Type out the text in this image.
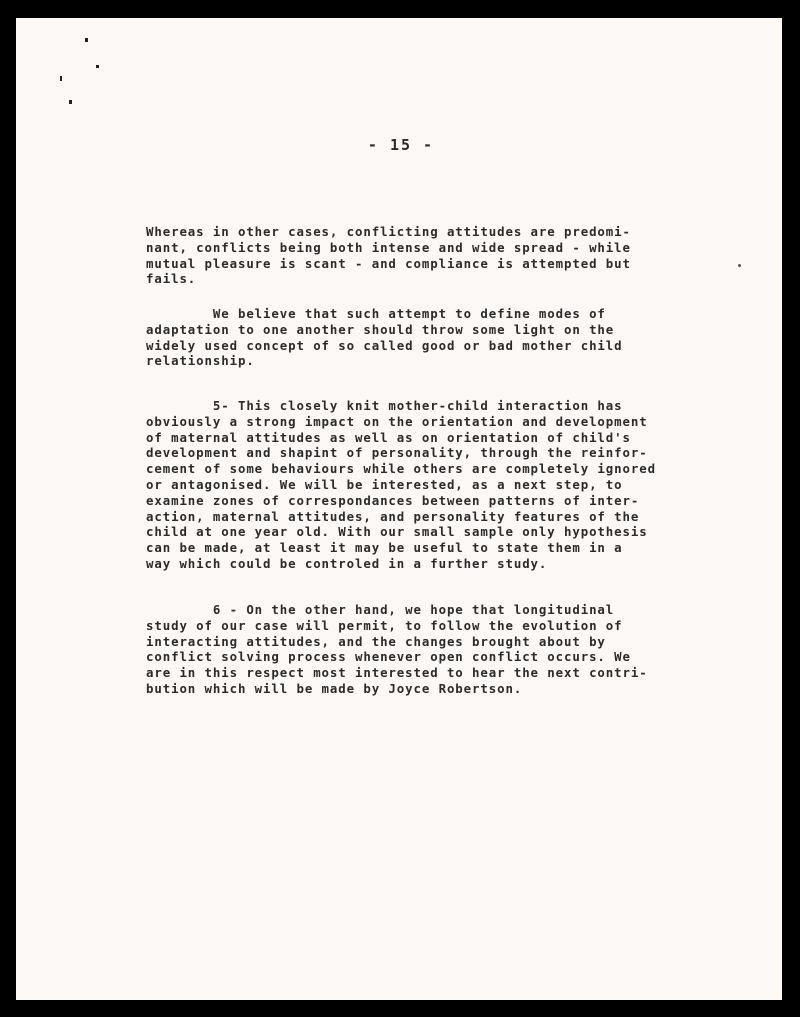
- 15 -

Whereas in other cases, conflicting attitudes are predomi-
nant, conflicts being both intense and wide spread - while
mutual pleasure is scant - and compliance is attempted but
fails.

We believe that such attempt to define modes of
adaptation to one another should throw some light on the
widely used concept of so called good or bad mother child
relationship.

5- This closely knit mother-child interaction has
obviously a strong impact on the orientation and development
of maternal attitudes as well as on orientation of child's
development and shapint of personality, through the reinfor-
cement of some behaviours while others are completely ignored
or antagonised. We will be interested, as a next step, to
examine zones of correspondances between patterns of inter-
action, maternal attitudes, and personality features of the
child at one year old. With our small sample only hypothesis
can be made, at least it may be useful to state them in a
way which could be controled in a further study.

6 - On the other hand, we hope that longitudinal
study of our case will permit, to follow the evolution of
interacting attitudes, and the changes brought about by
conflict solving process whenever open conflict occurs. We
are in this respect most interested to hear the next contri-
bution which will be made by Joyce Robertson.
